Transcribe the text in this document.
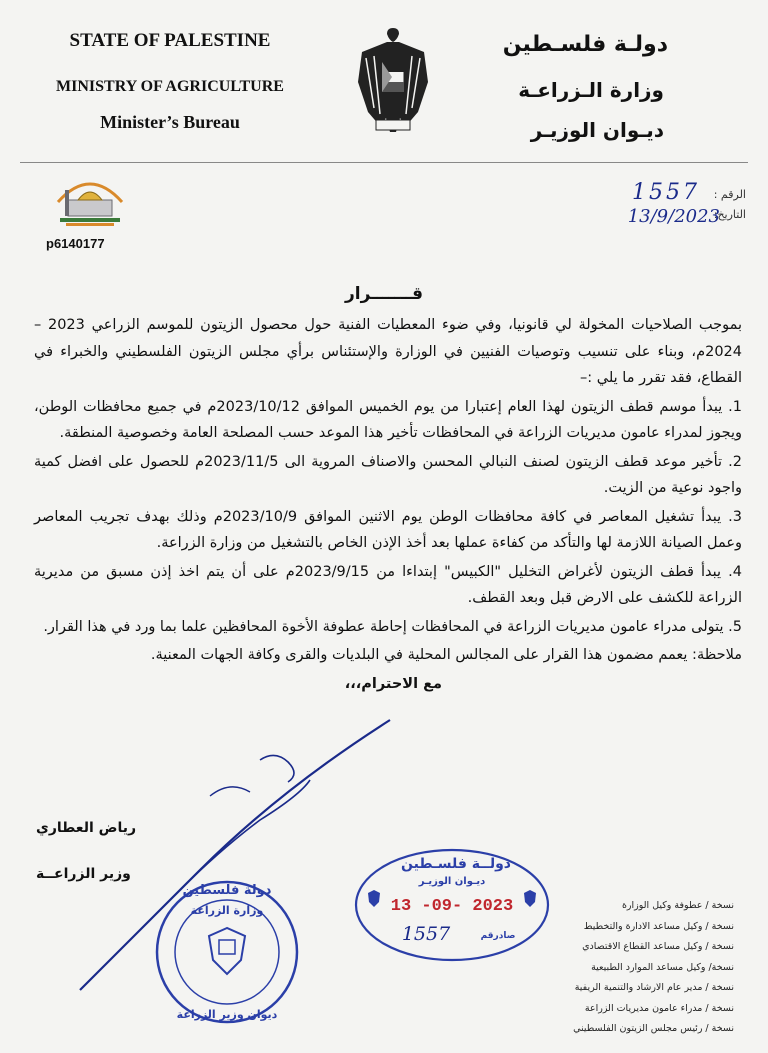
STATE OF PALESTINE
MINISTRY OF AGRICULTURE
Minister’s Bureau
دولـة فلسـطين
وزارة الـزراعـة
ديـوان الوزيـر
p6140177
الرقم :
1557
التاريخ:
13/9/2023
قـــــــرار

بموجب الصلاحيات المخولة لي قانونيا، وفي ضوء المعطيات الفنية حول محصول الزيتون للموسم الزراعي 2023 – 2024م، وبناء على تنسيب وتوصيات الفنيين في الوزارة والإستئناس برأي مجلس الزيتون الفلسطيني والخبراء في القطاع، فقد تقرر ما يلي :–

1. يبدأ موسم قطف الزيتون لهذا العام إعتبارا من يوم الخميس الموافق 2023/10/12م في جميع محافظات الوطن، ويجوز لمدراء عامون مديريات الزراعة في المحافظات تأخير هذا الموعد حسب المصلحة العامة وخصوصية المنطقة.

2. تأخير موعد قطف الزيتون لصنف النبالي المحسن والاصناف المروية الى 2023/11/5م للحصول على افضل كمية واجود نوعية من الزيت.

3. يبدأ تشغيل المعاصر في كافة محافظات الوطن يوم الاثنين الموافق 2023/10/9م وذلك بهدف تجريب المعاصر وعمل الصيانة اللازمة لها والتأكد من كفاءة عملها بعد أخذ الإذن الخاص بالتشغيل من وزارة الزراعة.

4. يبدأ قطف الزيتون لأغراض التخليل "الكبيس" إبتداءا من 2023/9/15م على أن يتم اخذ إذن مسبق من مديرية الزراعة للكشف على الارض قبل وبعد القطف.

5. يتولى مدراء عامون مديريات الزراعة في المحافظات إحاطة عطوفة الأخوة المحافظين علما بما ورد في هذا القرار.

ملاحظة: يعمم مضمون هذا القرار على المجالس المحلية في البلديات والقرى وكافة الجهات المعنية.

مع الاحترام،،،

رياض العطاري
وزير الزراعــة
دولة فلسطين
وزارة الزراعة
ديوان وزير الزراعة
دولــة فلسـطين
ديـوان الوزيـر
13 -09- 2023
1557	صادرقم
نسخة / عطوفة وكيل الوزارة
نسخة / وكيل مساعد الادارة والتخطيط
نسخة / وكيل مساعد القطاع الاقتصادي
نسخة/ وكيل مساعد الموارد الطبيعية
نسخة / مدير عام الارشاد والتنمية الريفية
نسخة / مدراء عامون مديريات الزراعة
نسخة / رئيس مجلس الزيتون الفلسطيني
